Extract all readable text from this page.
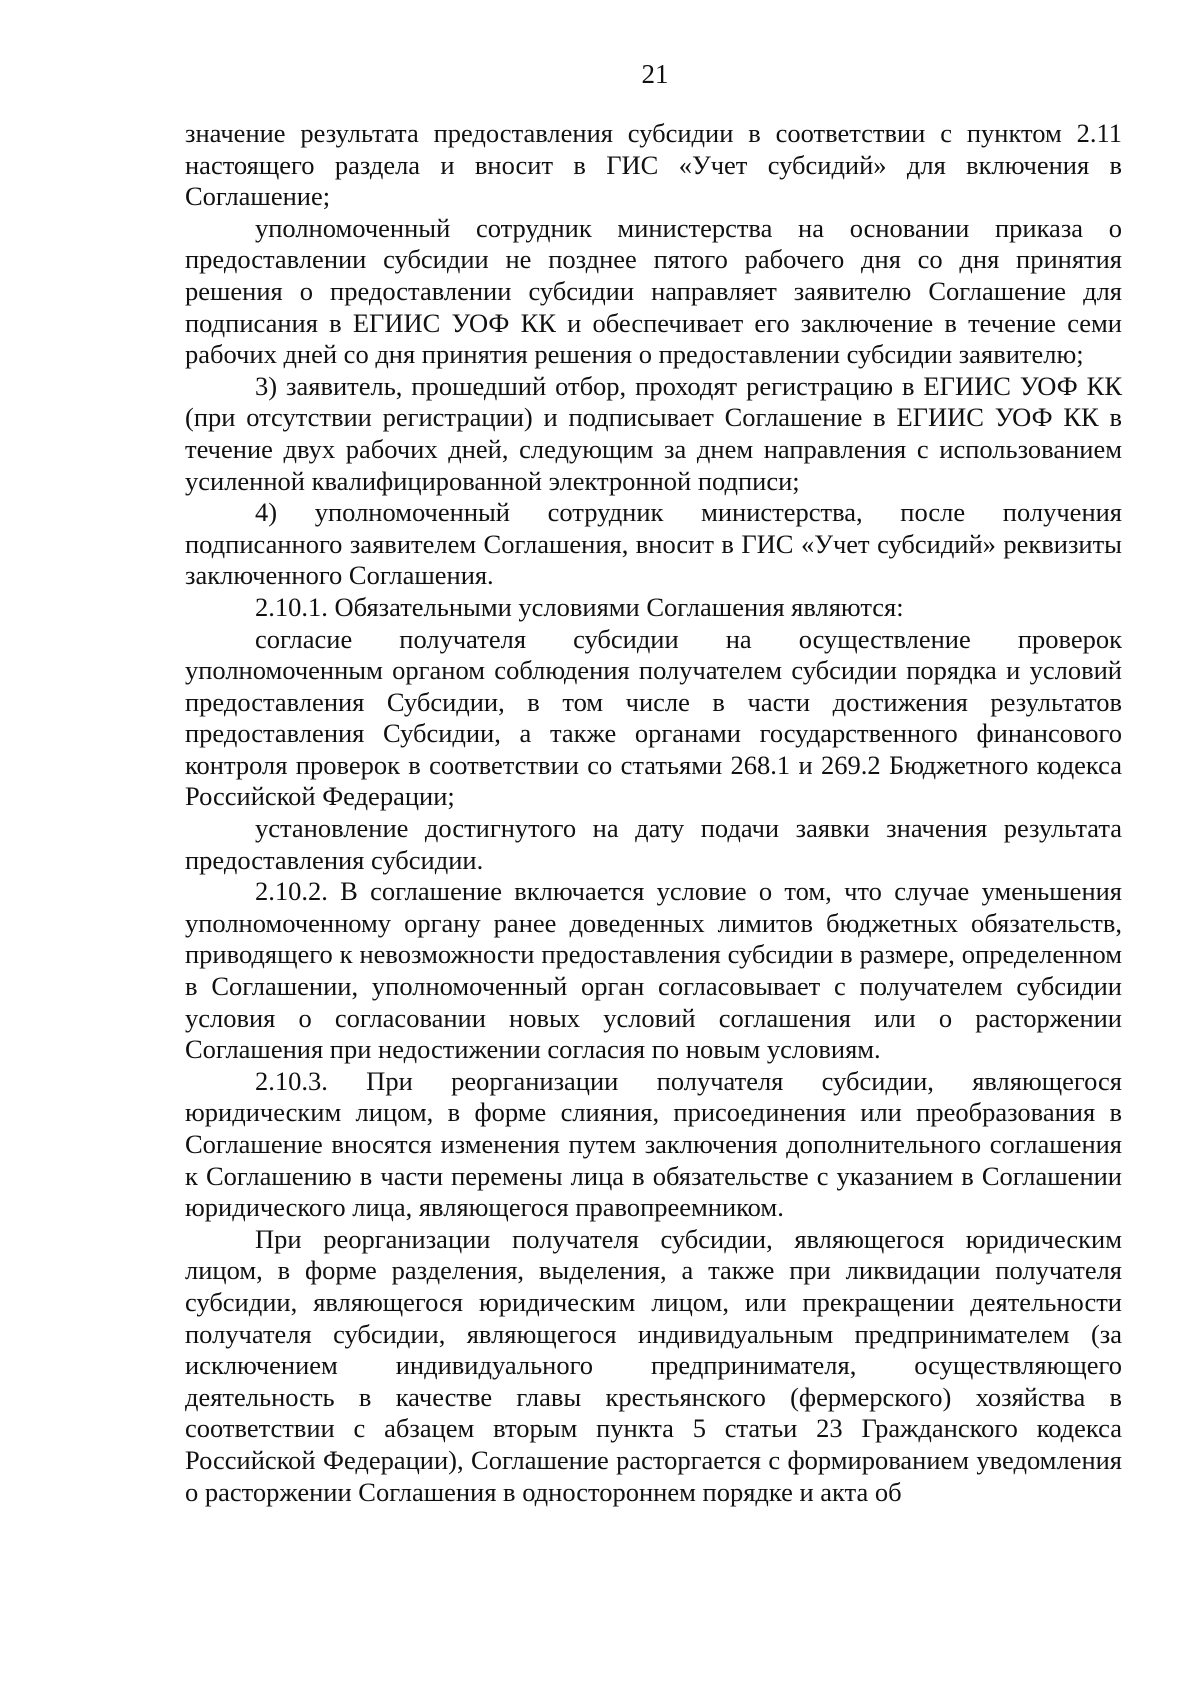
21

значение результата предоставления субсидии в соответствии с пунктом 2.11 настоящего раздела и вносит в ГИС «Учет субсидий» для включения в Соглашение;

уполномоченный сотрудник министерства на основании приказа о предоставлении субсидии не позднее пятого рабочего дня со дня принятия решения о предоставлении субсидии направляет заявителю Соглашение для подписания в ЕГИИС УОФ КК и обеспечивает его заключение в течение семи рабочих дней со дня принятия решения о предоставлении субсидии заявителю;

3) заявитель, прошедший отбор, проходят регистрацию в ЕГИИС УОФ КК (при отсутствии регистрации) и подписывает Соглашение в ЕГИИС УОФ КК в течение двух рабочих дней, следующим за днем направления с использованием усиленной квалифицированной электронной подписи;

4) уполномоченный сотрудник министерства, после получения подписанного заявителем Соглашения, вносит в ГИС «Учет субсидий» реквизиты заключенного Соглашения.

2.10.1. Обязательными условиями Соглашения являются:

согласие получателя субсидии на осуществление проверок уполномоченным органом соблюдения получателем субсидии порядка и условий предоставления Субсидии, в том числе в части достижения результатов предоставления Субсидии, а также органами государственного финансового контроля проверок в соответствии со статьями 268.1 и 269.2 Бюджетного кодекса Российской Федерации;

установление достигнутого на дату подачи заявки значения результата предоставления субсидии.

2.10.2. В соглашение включается условие о том, что случае уменьшения уполномоченному органу ранее доведенных лимитов бюджетных обязательств, приводящего к невозможности предоставления субсидии в размере, определенном в Соглашении, уполномоченный орган согласовывает с получателем субсидии условия о согласовании новых условий соглашения или о расторжении Соглашения при недостижении согласия по новым условиям.

2.10.3. При реорганизации получателя субсидии, являющегося юридическим лицом, в форме слияния, присоединения или преобразования в Соглашение вносятся изменения путем заключения дополнительного соглашения к Соглашению в части перемены лица в обязательстве с указанием в Соглашении юридического лица, являющегося правопреемником.

При реорганизации получателя субсидии, являющегося юридическим лицом, в форме разделения, выделения, а также при ликвидации получателя субсидии, являющегося юридическим лицом, или прекращении деятельности получателя субсидии, являющегося индивидуальным предпринимателем (за исключением индивидуального предпринимателя, осуществляющего деятельность в качестве главы крестьянского (фермерского) хозяйства в соответствии с абзацем вторым пункта 5 статьи 23 Гражданского кодекса Российской Федерации), Соглашение расторгается с формированием уведомления о расторжении Соглашения в одностороннем порядке и акта об
